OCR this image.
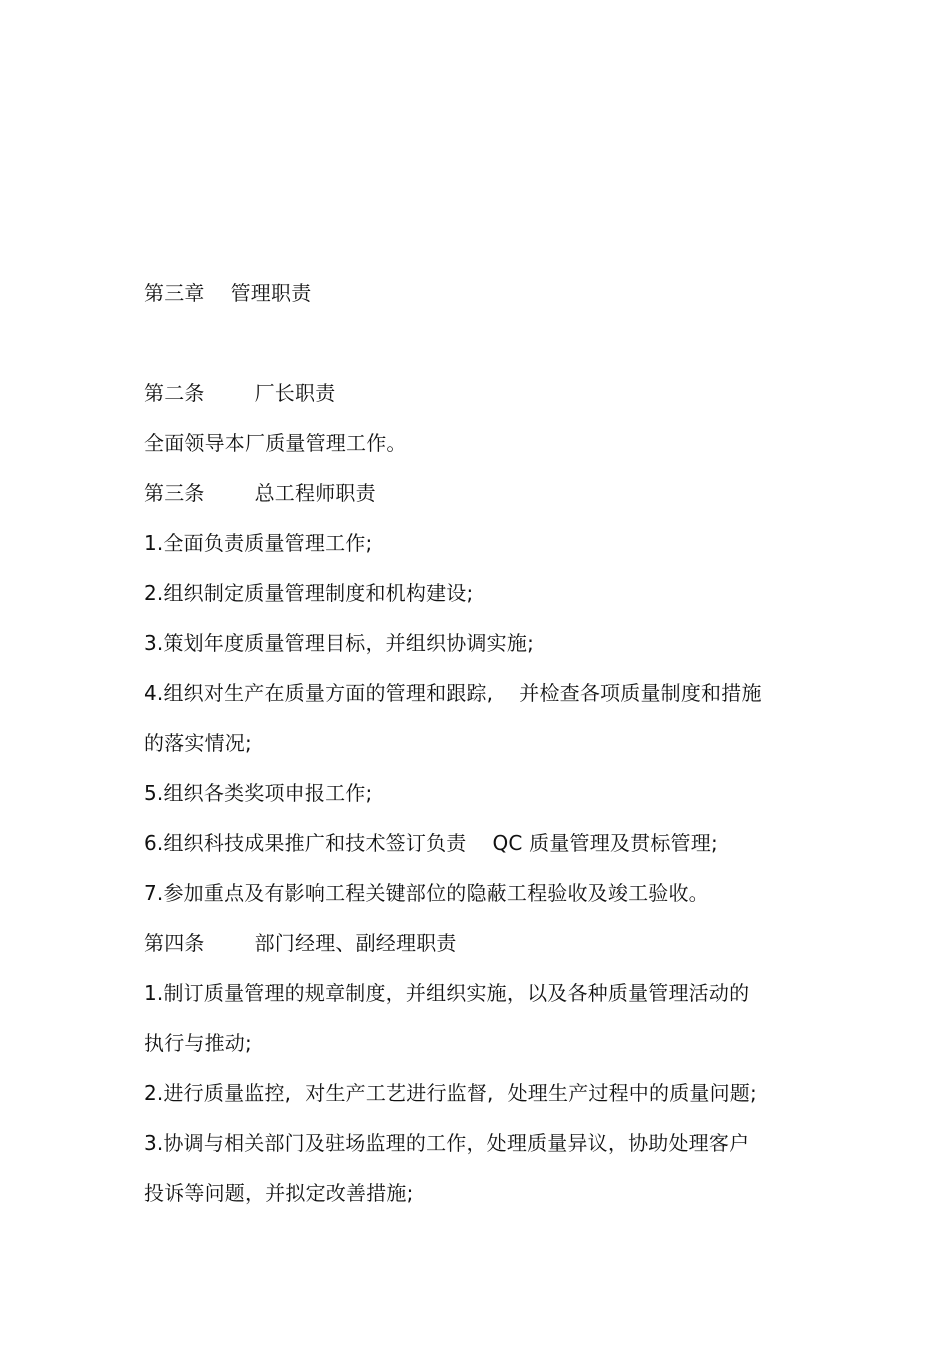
第三章 管理职责
第二条	厂长职责
全面领导本厂质量管理工作。
第三条	总工程师职责
1.全面负责质量管理工作;
2.组织制定质量管理制度和机构建设;
3.策划年度质量管理目标，并组织协调实施;
4.组织对生产在质量方面的管理和跟踪, 并检查各项质量制度和措施
的落实情况;
5.组织各类奖项申报工作;
6.组织科技成果推广和技术签订负责 QC 质量管理及贯标管理;
7.参加重点及有影响工程关键部位的隐蔽工程验收及竣工验收。
第四条	部门经理、副经理职责
1.制订质量管理的规章制度，并组织实施，以及各种质量管理活动的
执行与推动;
2.进行质量监控, 对生产工艺进行监督, 处理生产过程中的质量问题;
3.协调与相关部门及驻场监理的工作，处理质量异议，协助处理客户
投诉等问题，并拟定改善措施;
